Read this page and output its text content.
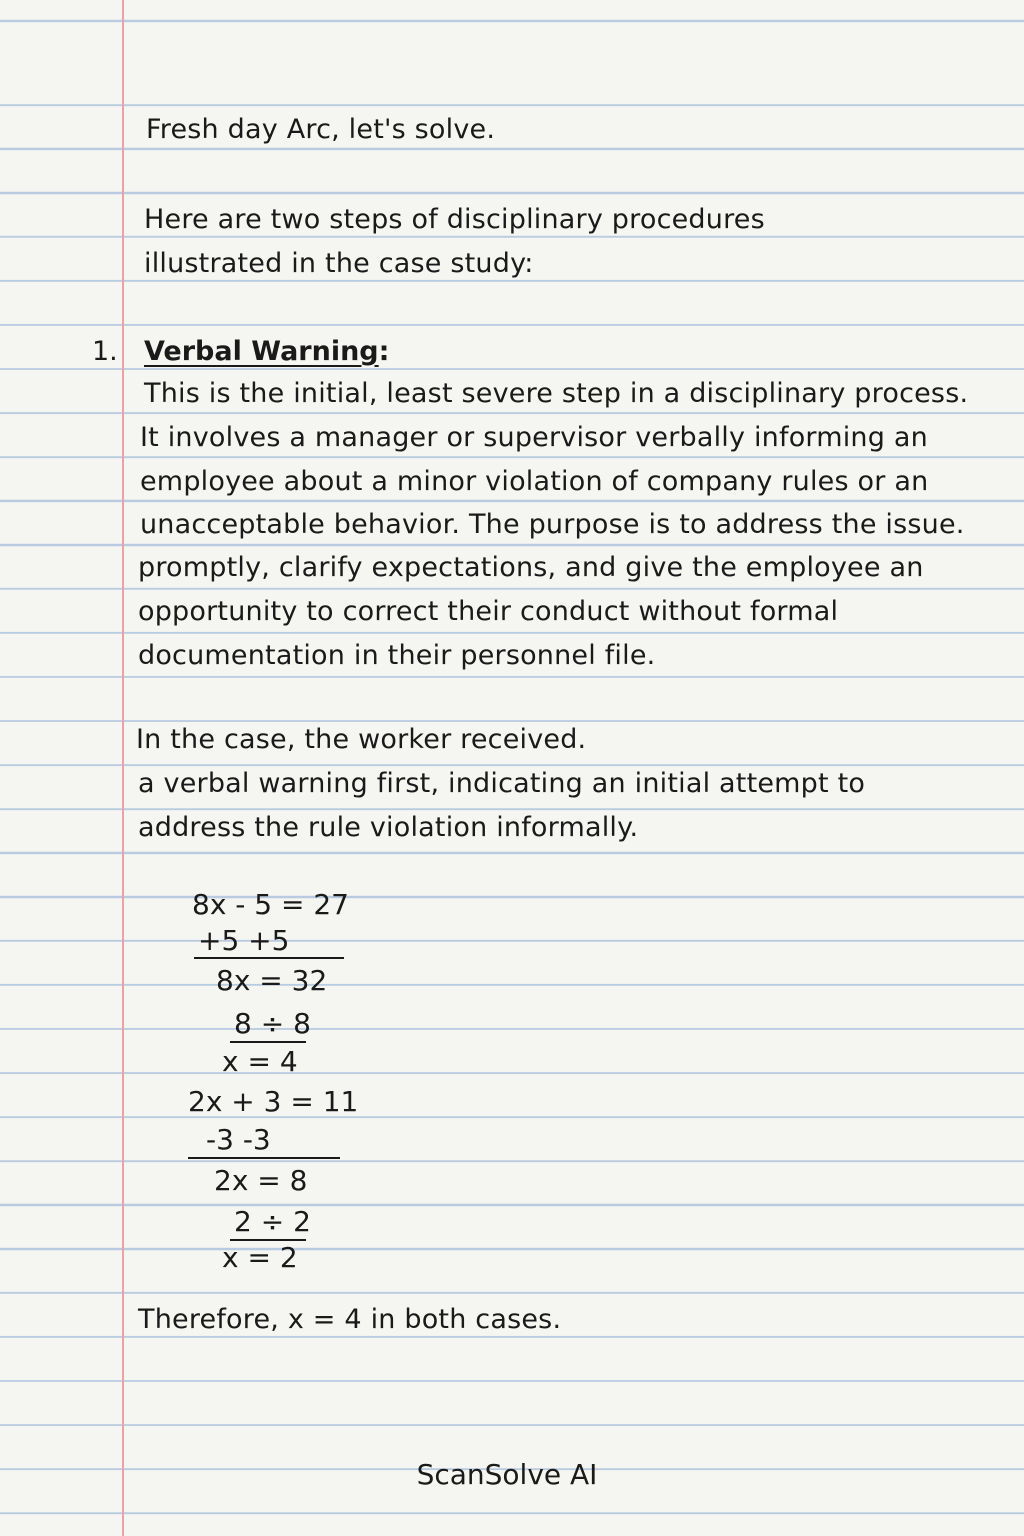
Fresh day Arc, let's solve.

Here are two steps of disciplinary procedures

illustrated in the case study:

1. Verbal Warning:

This is the initial, least severe step in a disciplinary process.

It involves a manager or supervisor verbally informing an

employee about a minor violation of company rules or an

unacceptable behavior. The purpose is to address the issue.

promptly, clarify expectations, and give the employee an

opportunity to correct their conduct without formal

documentation in their personnel file.

In the case, the worker received.

a verbal warning first, indicating an initial attempt to

address the rule violation informally.

8x - 5 = 27

+5 +5

8x = 32

8 ÷ 8

x = 4

2x + 3 = 11

-3 -3

2x = 8

2 ÷ 2

x = 2

Therefore, x = 4 in both cases.

ScanSolve AI
